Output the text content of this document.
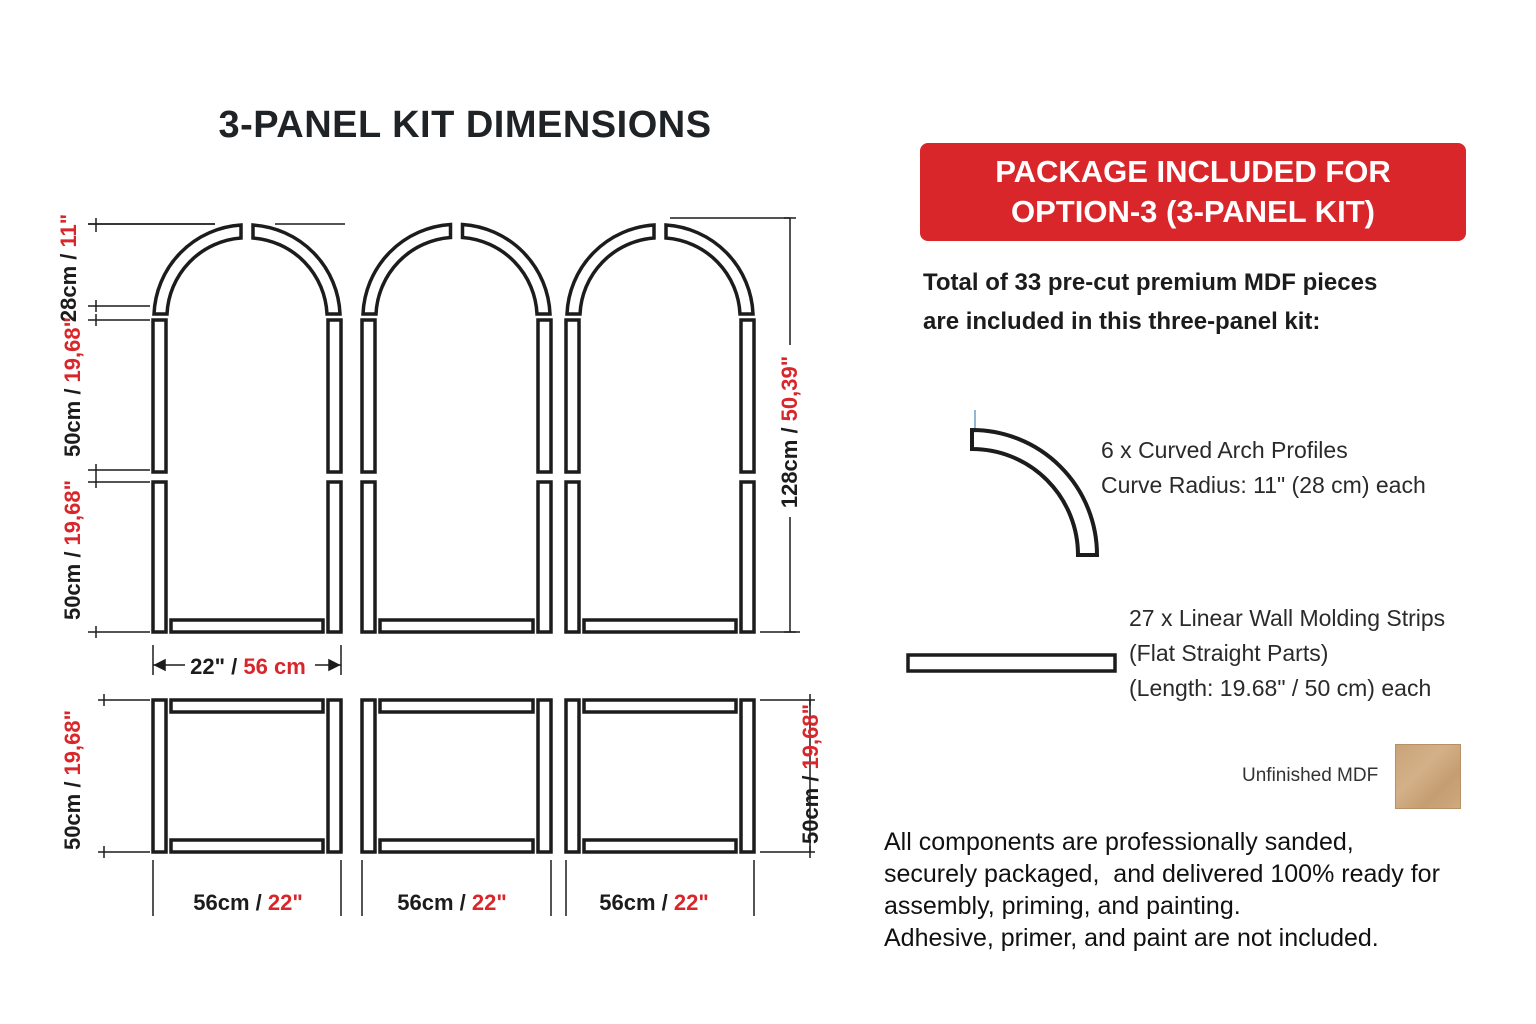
3-PANEL KIT DIMENSIONS
28cm / 11"
50cm / 19,68"
50cm / 19,68"
128cm / 50,39"
22" / 56 cm
50cm / 19,68"
50cm / 19,68"
56cm / 22"	56cm / 22"	56cm / 22"
PACKAGE INCLUDED FOR
OPTION-3 (3-PANEL KIT)
Total of 33 pre-cut premium MDF pieces
are included in this three-panel kit:
6 x Curved Arch Profiles
Curve Radius: 11" (28 cm) each
27 x Linear Wall Molding Strips
(Flat Straight Parts)
(Length: 19.68" / 50 cm) each
Unfinished MDF
All components are professionally sanded,
securely packaged,  and delivered 100% ready for
assembly, priming, and painting.
Adhesive, primer, and paint are not included.
